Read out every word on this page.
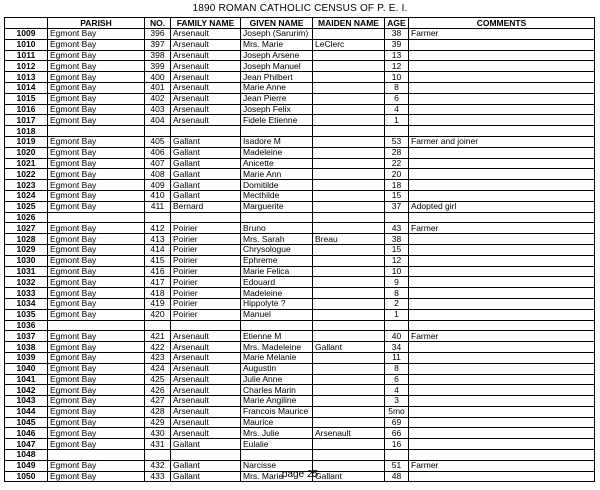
1890 ROMAN CATHOLIC CENSUS OF P. E. I.
	PARISH	NO.	FAMILY NAME	GIVEN NAME	MAIDEN NAME	AGE	COMMENTS
1009	Egmont Bay	396	Arsenault	Joseph (Sarurim)		38	Farmer
1010	Egmont Bay	397	Arsenault	Mrs. Marie	LeClerc	39	
1011	Egmont Bay	398	Arsenault	Joseph Arsene		13	
1012	Egmont Bay	399	Arsenault	Joseph Manuel		12	
1013	Egmont Bay	400	Arsenault	Jean Philbert		10	
1014	Egmont Bay	401	Arsenault	Marie Anne		8	
1015	Egmont Bay	402	Arsenault	Jean Pierre		6	
1016	Egmont Bay	403	Arsenault	Joseph Felix		4	
1017	Egmont Bay	404	Arsenault	Fidele Etienne		1	
1018							
1019	Egmont Bay	405	Gallant	Isadore M		53	Farmer and joiner
1020	Egmont Bay	406	Gallant	Madeleine		28	
1021	Egmont Bay	407	Gallant	Anicette		22	
1022	Egmont Bay	408	Gallant	Marie Ann		20	
1023	Egmont Bay	409	Gallant	Domitilde		18	
1024	Egmont Bay	410	Gallant	Mecthilde		15	
1025	Egmont Bay	411	Bernard	Marguerite		37	Adopted girl
1026							
1027	Egmont Bay	412	Poirier	Bruno		43	Farmer
1028	Egmont Bay	413	Poirier	Mrs. Sarah	Breau	38	
1029	Egmont Bay	414	Poirier	Chrysologue		15	
1030	Egmont Bay	415	Poirier	Ephreme		12	
1031	Egmont Bay	416	Poirier	Marie Felica		10	
1032	Egmont Bay	417	Poirier	Edouard		9	
1033	Egmont Bay	418	Poirier	Madeleine		8	
1034	Egmont Bay	419	Poirier	Hippolyte ?		2	
1035	Egmont Bay	420	Poirier	Manuel		1	
1036							
1037	Egmont Bay	421	Arsenault	Etienne M		40	Farmer
1038	Egmont Bay	422	Arsenault	Mrs. Madeleine	Gallant	34	
1039	Egmont Bay	423	Arsenault	Marie Melanie		11	
1040	Egmont Bay	424	Arsenault	Augustin		8	
1041	Egmont Bay	425	Arsenault	Julie Anne		6	
1042	Egmont Bay	426	Arsenault	Charles Marin		4	
1043	Egmont Bay	427	Arsenault	Marie Angiline		3	
1044	Egmont Bay	428	Arsenault	Francois Maurice		5mo	
1045	Egmont Bay	429	Arsenault	Maurice		69	
1046	Egmont Bay	430	Arsenault	Mrs. Julie	Arsenault	66	
1047	Egmont Bay	431	Gallant	Eulalie		16	
1048							
1049	Egmont Bay	432	Gallant	Narcisse		51	Farmer
1050	Egmont Bay	433	Gallant	Mrs. Marie	Gallant	48	
page 25
